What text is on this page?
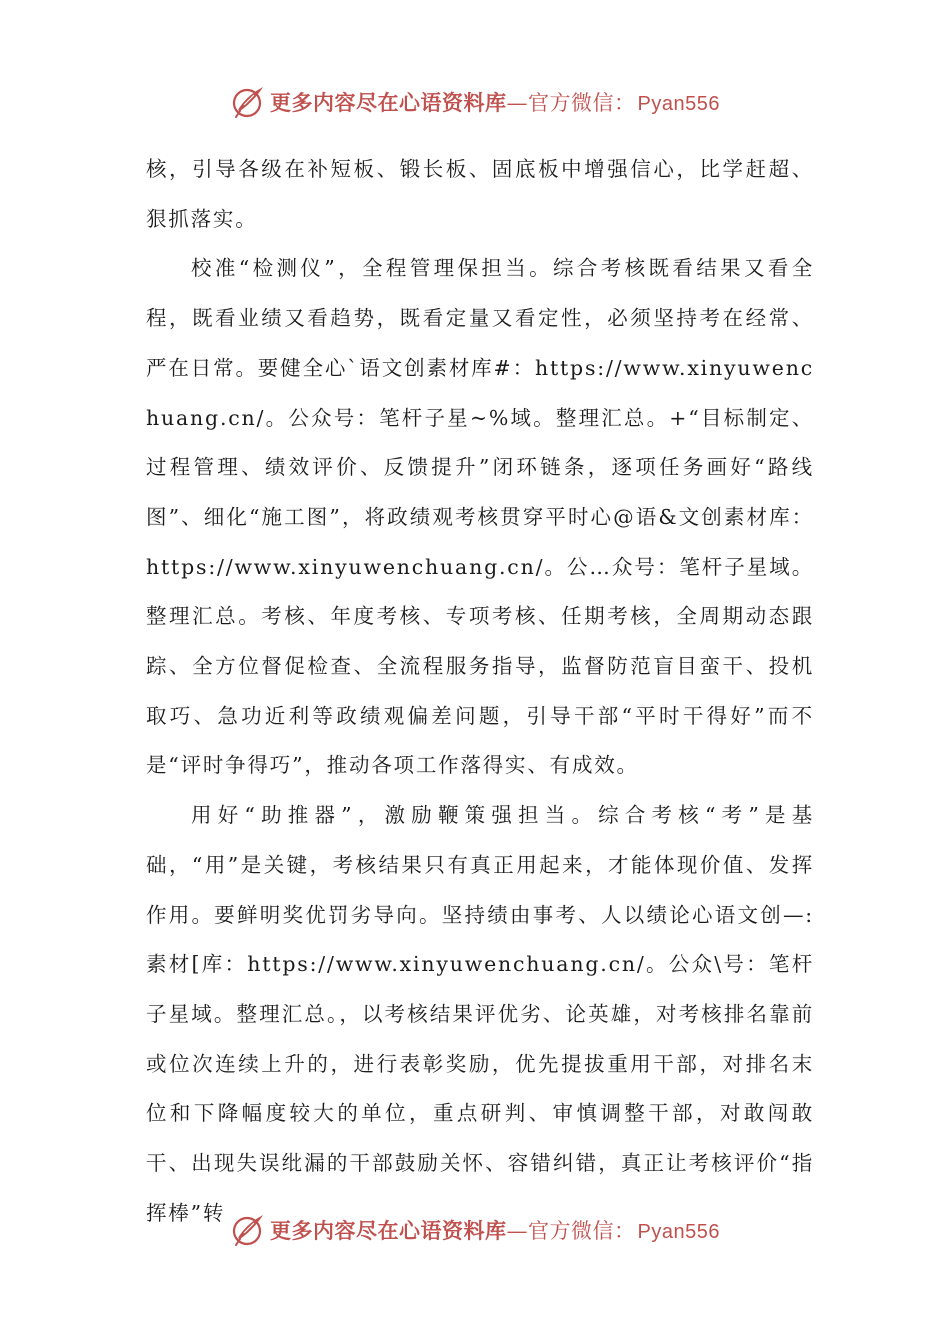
更多内容尽在心语资料库 —官方微信： Pyan556

核，引导各级在补短板、锻长板、固底板中增强信心，比学赶超、狠抓落实。

校准“检测仪”，全程管理保担当。综合考核既看结果又看全程，既看业绩又看趋势，既看定量又看定性，必须坚持考在经常、严在日常。要健全心`语文创素材库#：https://www.xinyuwenchuang.cn/。公众号：笔杆子星~%域。整理汇总。+“目标制定、过程管理、绩效评价、反馈提升”闭环链条，逐项任务画好“路线图”、细化“施工图”，将政绩观考核贯穿平时心@语&文创素材库：https://www.xinyuwenchuang.cn/。公…众号：笔杆子星域。整理汇总。考核、年度考核、专项考核、任期考核，全周期动态跟踪、全方位督促检查、全流程服务指导，监督防范盲目蛮干、投机取巧、急功近利等政绩观偏差问题，引导干部“平时干得好”而不是“评时争得巧”，推动各项工作落得实、有成效。

用好“助推器”，激励鞭策强担当。综合考核“考”是基础，“用”是关键，考核结果只有真正用起来，才能体现价值、发挥作用。要鲜明奖优罚劣导向。坚持绩由事考、人以绩论心语文创—:素材[库：https://www.xinyuwenchuang.cn/。公众\号：笔杆子星域。整理汇总。，以考核结果评优劣、论英雄，对考核排名靠前或位次连续上升的，进行表彰奖励，优先提拔重用干部，对排名末位和下降幅度较大的单位，重点研判、审慎调整干部，对敢闯敢干、出现失误纰漏的干部鼓励关怀、容错纠错，真正让考核评价“指挥棒”转

更多内容尽在心语资料库 —官方微信： Pyan556
